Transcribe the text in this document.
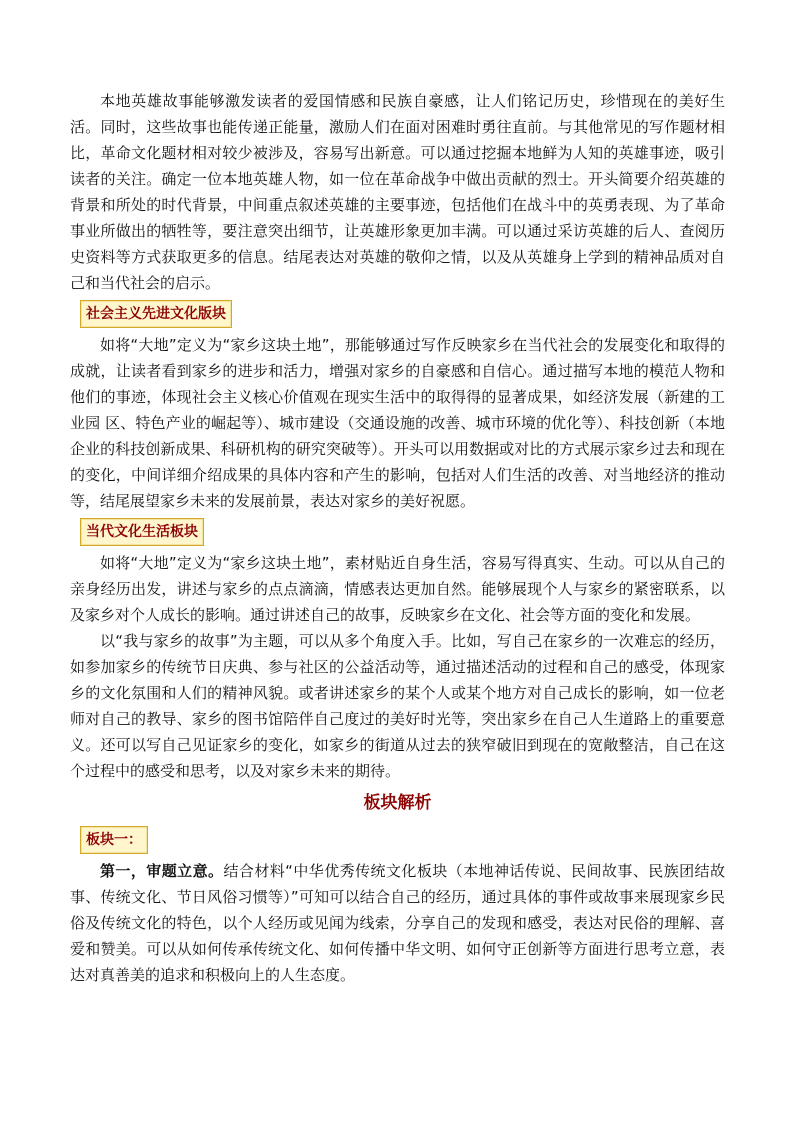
本地英雄故事能够激发读者的爱国情感和民族自豪感，让人们铭记历史，珍惜现在的美好生活。同时，这些故事也能传递正能量，激励人们在面对困难时勇往直前。与其他常见的写作题材相比，革命文化题材相对较少被涉及，容易写出新意。可以通过挖掘本地鲜为人知的英雄事迹，吸引读者的关注。确定一位本地英雄人物，如一位在革命战争中做出贡献的烈士。开头简要介绍英雄的背景和所处的时代背景，中间重点叙述英雄的主要事迹，包括他们在战斗中的英勇表现、为了革命事业所做出的牺牲等，要注意突出细节，让英雄形象更加丰满。可以通过采访英雄的后人、查阅历史资料等方式获取更多的信息。结尾表达对英雄的敬仰之情，以及从英雄身上学到的精神品质对自己和当代社会的启示。

社会主义先进文化版块

如将“大地”定义为“家乡这块土地”，那能够通过写作反映家乡在当代社会的发展变化和取得的成就，让读者看到家乡的进步和活力，增强对家乡的自豪感和自信心。通过描写本地的模范人物和他们的事迹，体现社会主义核心价值观在现实生活中的取得得的显著成果，如经济发展（新建的工业园 区、特色产业的崛起等）、城市建设（交通设施的改善、城市环境的优化等）、科技创新（本地企业的科技创新成果、科研机构的研究突破等）。开头可以用数据或对比的方式展示家乡过去和现在的变化，中间详细介绍成果的具体内容和产生的影响，包括对人们生活的改善、对当地经济的推动等，结尾展望家乡未来的发展前景，表达对家乡的美好祝愿。

当代文化生活板块

如将“大地”定义为“家乡这块土地”，素材贴近自身生活，容易写得真实、生动。可以从自己的亲身经历出发，讲述与家乡的点点滴滴，情感表达更加自然。能够展现个人与家乡的紧密联系，以及家乡对个人成长的影响。通过讲述自己的故事，反映家乡在文化、社会等方面的变化和发展。

以“我与家乡的故事”为主题，可以从多个角度入手。比如，写自己在家乡的一次难忘的经历，如参加家乡的传统节日庆典、参与社区的公益活动等，通过描述活动的过程和自己的感受，体现家乡的文化氛围和人们的精神风貌。或者讲述家乡的某个人或某个地方对自己成长的影响，如一位老师对自己的教导、家乡的图书馆陪伴自己度过的美好时光等，突出家乡在自己人生道路上的重要意义。还可以写自己见证家乡的变化，如家乡的街道从过去的狭窄破旧到现在的宽敞整洁，自己在这个过程中的感受和思考，以及对家乡未来的期待。

板块解析
板块一：

第一，审题立意。结合材料“中华优秀传统文化板块（本地神话传说、民间故事、民族团结故事、传统文化、节日风俗习惯等）”可知可以结合自己的经历，通过具体的事件或故事来展现家乡民俗及传统文化的特色，以个人经历或见闻为线索，分享自己的发现和感受，表达对民俗的理解、喜爱和赞美。可以从如何传承传统文化、如何传播中华文明、如何守正创新等方面进行思考立意，表达对真善美的追求和积极向上的人生态度。
